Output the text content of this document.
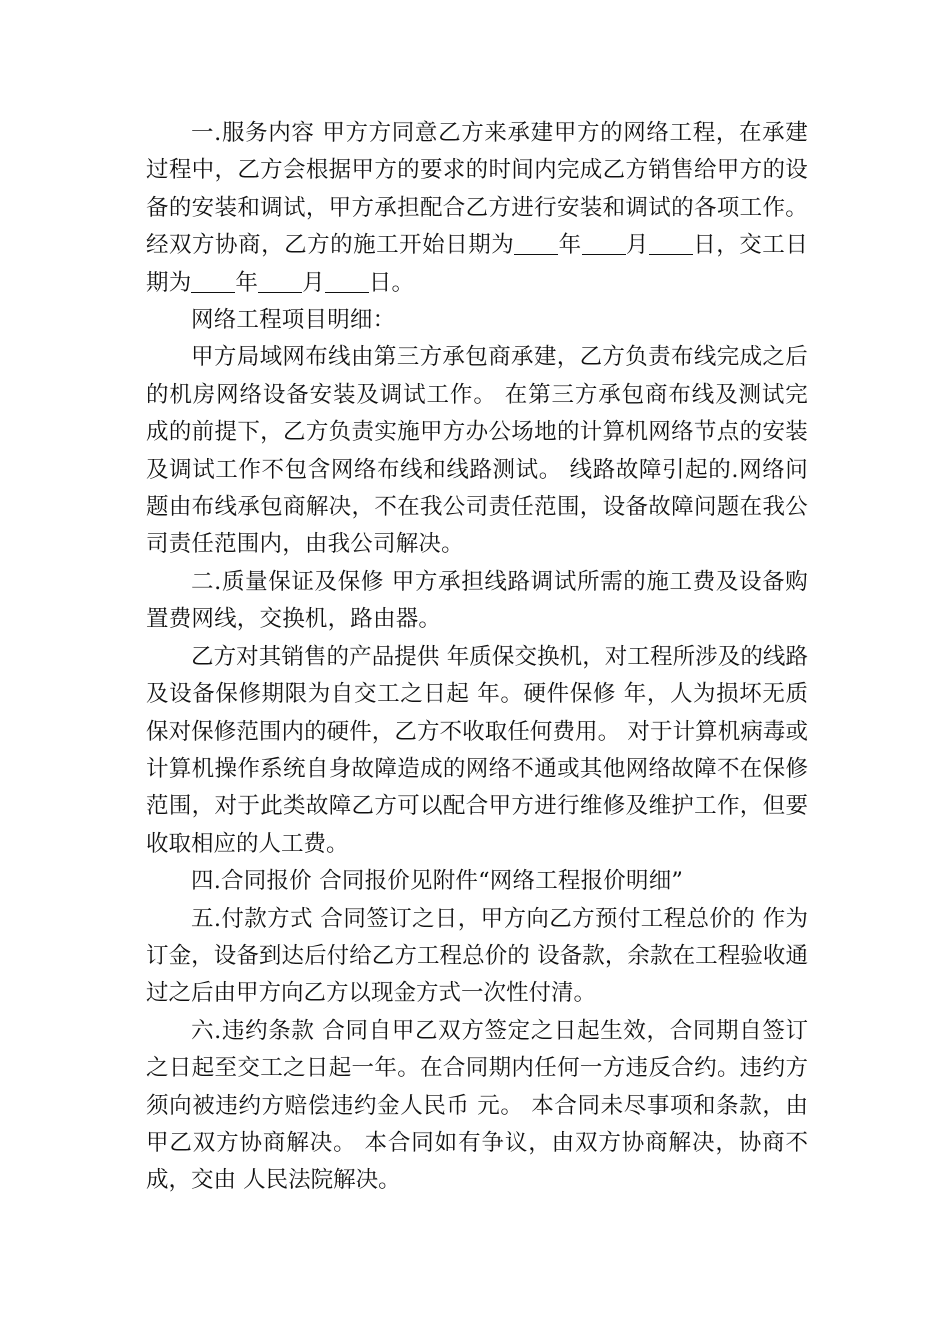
一.服务内容 甲方方同意乙方来承建甲方的网络工程，在承建过程中，乙方会根据甲方的要求的时间内完成乙方销售给甲方的设备的安装和调试，甲方承担配合乙方进行安装和调试的各项工作。 经双方协商，乙方的施工开始日期为 年 月 日，交工日期为 年 月 日。

网络工程项目明细：

甲方局域网布线由第三方承包商承建，乙方负责布线完成之后的机房网络设备安装及调试工作。 在第三方承包商布线及测试完成的前提下，乙方负责实施甲方办公场地的计算机网络节点的安装及调试工作不包含网络布线和线路测试。 线路故障引起的.网络问题由布线承包商解决，不在我公司责任范围，设备故障问题在我公司责任范围内，由我公司解决。

二.质量保证及保修 甲方承担线路调试所需的施工费及设备购置费网线，交换机，路由器。

乙方对其销售的产品提供 年质保交换机，对工程所涉及的线路及设备保修期限为自交工之日起 年。硬件保修 年，人为损坏无质保对保修范围内的硬件，乙方不收取任何费用。 对于计算机病毒或计算机操作系统自身故障造成的网络不通或其他网络故障不在保修范围，对于此类故障乙方可以配合甲方进行维修及维护工作，但要收取相应的人工费。

四.合同报价 合同报价见附件“网络工程报价明细”

五.付款方式 合同签订之日，甲方向乙方预付工程总价的 作为订金，设备到达后付给乙方工程总价的 设备款，余款在工程验收通过之后由甲方向乙方以现金方式一次性付清。

六.违约条款 合同自甲乙双方签定之日起生效，合同期自签订之日起至交工之日起一年。在合同期内任何一方违反合约。违约方须向被违约方赔偿违约金人民币 元。 本合同未尽事项和条款，由甲乙双方协商解决。 本合同如有争议，由双方协商解决，协商不成，交由 人民法院解决。
